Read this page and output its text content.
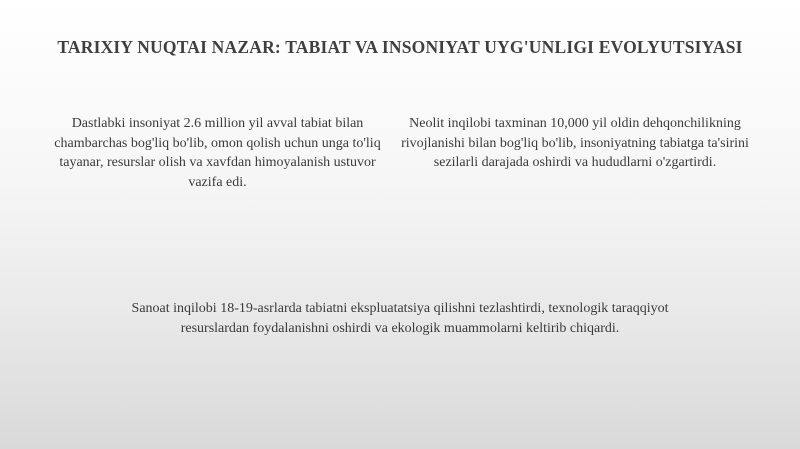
TARIXIY NUQTAI NAZAR: TABIAT VA INSONIYAT UYG'UNLIGI EVOLYUTSIYASI
Dastlabki insoniyat 2.6 million yil avval tabiat bilan chambarchas bog'liq bo'lib, omon qolish uchun unga to'liq tayanar, resurslar olish va xavfdan himoyalanish ustuvor vazifa edi.
Neolit inqilobi taxminan 10,000 yil oldin dehqonchilikning rivojlanishi bilan bog'liq bo'lib, insoniyatning tabiatga ta'sirini sezilarli darajada oshirdi va hududlarni o'zgartirdi.
Sanoat inqilobi 18-19-asrlarda tabiatni ekspluatatsiya qilishni tezlashtirdi, texnologik taraqqiyot resurslardan foydalanishni oshirdi va ekologik muammolarni keltirib chiqardi.
